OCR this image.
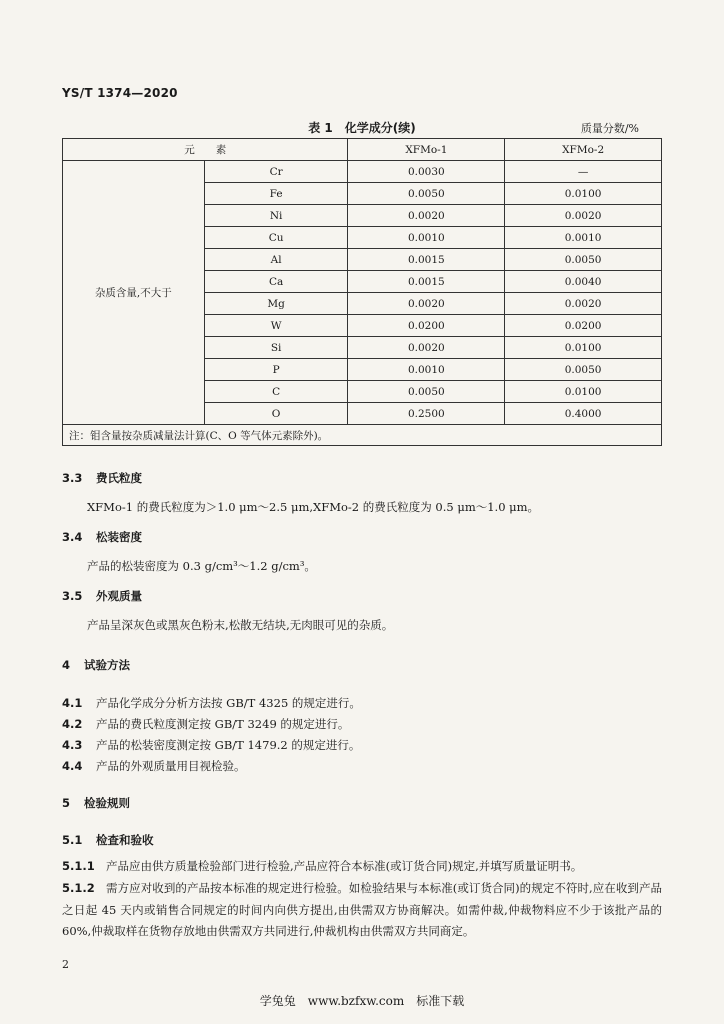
YS/T 1374—2020
表 1　化学成分(续)	质量分数/%
元　　素		XFMo-1	XFMo-2
杂质含量,不大于	Cr	0.0030	—
	Fe	0.0050	0.0100
	Ni	0.0020	0.0020
	Cu	0.0010	0.0010
	Al	0.0015	0.0050
	Ca	0.0015	0.0040
	Mg	0.0020	0.0020
	W	0.0200	0.0200
	Si	0.0020	0.0100
	P	0.0010	0.0050
	C	0.0050	0.0100
	O	0.2500	0.4000
注：钼含量按杂质减量法计算(C、O 等气体元素除外)。			
3.3 费氏粒度
XFMo-1 的费氏粒度为＞1.0 μm～2.5 μm,XFMo-2 的费氏粒度为 0.5 μm～1.0 μm。
3.4 松装密度
产品的松装密度为 0.3 g/cm³～1.2 g/cm³。
3.5 外观质量
产品呈深灰色或黑灰色粉末,松散无结块,无肉眼可见的杂质。
4 试验方法
4.1 产品化学成分分析方法按 GB/T 4325 的规定进行。
4.2 产品的费氏粒度测定按 GB/T 3249 的规定进行。
4.3 产品的松装密度测定按 GB/T 1479.2 的规定进行。
4.4 产品的外观质量用目视检验。
5 检验规则
5.1 检查和验收
5.1.1 产品应由供方质量检验部门进行检验,产品应符合本标准(或订货合同)规定,并填写质量证明书。
5.1.2 需方应对收到的产品按本标准的规定进行检验。如检验结果与本标准(或订货合同)的规定不符时,应在收到产品之日起 45 天内或销售合同规定的时间内向供方提出,由供需双方协商解决。如需仲裁,仲裁物料应不少于该批产品的 60%,仲裁取样在货物存放地由供需双方共同进行,仲裁机构由供需双方共同商定。
2
学兔兔　www.bzfxw.com　标准下载
